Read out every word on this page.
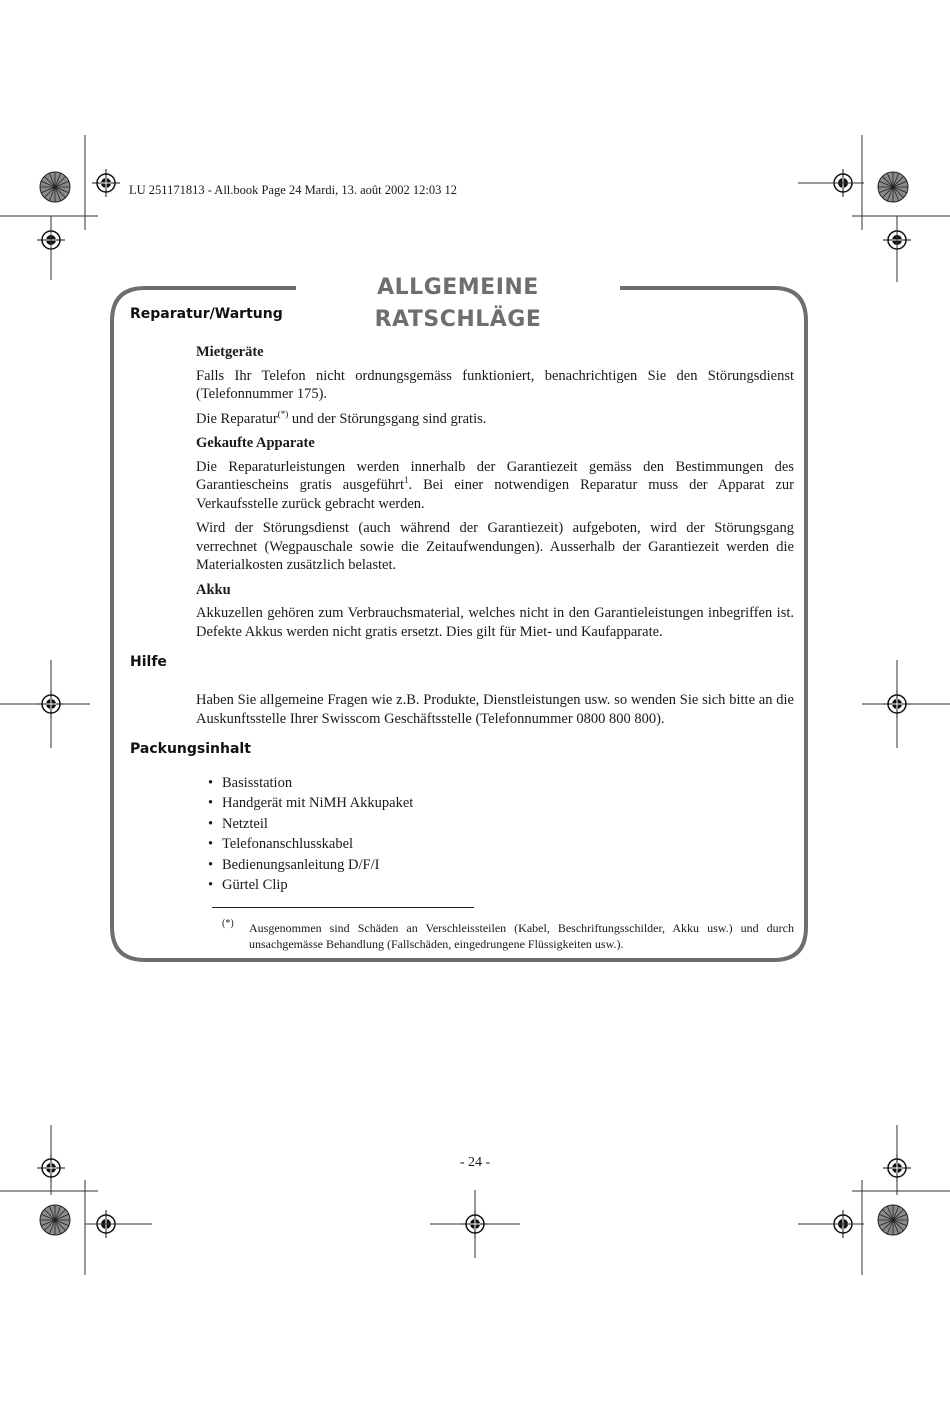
LU 251171813 - All.book Page 24 Mardi, 13. août 2002 12:03 12
ALLGEMEINE RATSCHLÄGE
Reparatur/Wartung

Mietgeräte

Falls Ihr Telefon nicht ordnungsgemäss funktioniert, benachrichtigen Sie den Störungsdienst (Telefonnummer 175).

Die Reparatur(*) und der Störungsgang sind gratis.

Gekaufte Apparate

Die Reparaturleistungen werden innerhalb der Garantiezeit gemäss den Bestimmungen des Garantiescheins gratis ausgeführt$^1$. Bei einer notwendigen Reparatur muss der Apparat zur Verkaufsstelle zurück gebracht werden.

Wird der Störungsdienst (auch während der Garantiezeit) aufgeboten, wird der Störungsgang verrechnet (Wegpauschale sowie die Zeitaufwendungen). Ausserhalb der Garantiezeit werden die Materialkosten zusätzlich belastet.

Akku

Akkuzellen gehören zum Verbrauchsmaterial, welches nicht in den Garantieleistungen inbegriffen ist. Defekte Akkus werden nicht gratis ersetzt. Dies gilt für Miet- und Kaufapparate.

Hilfe

Haben Sie allgemeine Fragen wie z.B. Produkte, Dienstleistungen usw. so wenden Sie sich bitte an die Auskunftsstelle Ihrer Swisscom Geschäftsstelle (Telefonnummer 0800 800 800).

Packungsinhalt
• Basisstation
• Handgerät mit NiMH Akkupaket
• Netzteil
• Telefonanschlusskabel
• Bedienungsanleitung D/F/I
• Gürtel Clip
(*) Ausgenommen sind Schäden an Verschleissteilen (Kabel, Beschriftungsschilder, Akku usw.) und durch unsachgemässe Behandlung (Fallschäden, eingedrungene Flüssigkeiten usw.).
- 24 -
